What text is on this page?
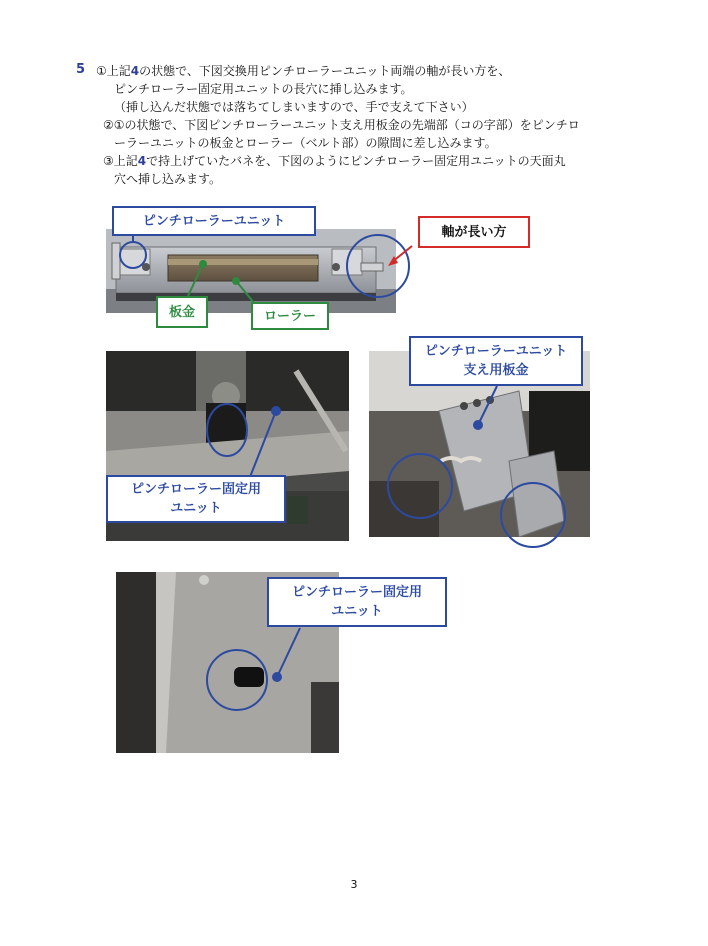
5 ①上記4の状態で、下図交換用ピンチローラーユニット両端の軸が長い方を、
ピンチローラー固定用ユニットの長穴に挿し込みます。
（挿し込んだ状態では落ちてしまいますので、手で支えて下さい）
②①の状態で、下図ピンチローラーユニット支え用板金の先端部（コの字部）をピンチロ
ーラーユニットの板金とローラー（ベルト部）の隙間に差し込みます。
③上記4で持上げていたバネを、下図のようにピンチローラー固定用ユニットの天面丸
穴へ挿し込みます。
ピンチローラーユニット
軸が長い方
板金	ローラー
ピンチローラー固定用
ユニット
ピンチローラーユニット
支え用板金
ピンチローラー固定用
ユニット
3
